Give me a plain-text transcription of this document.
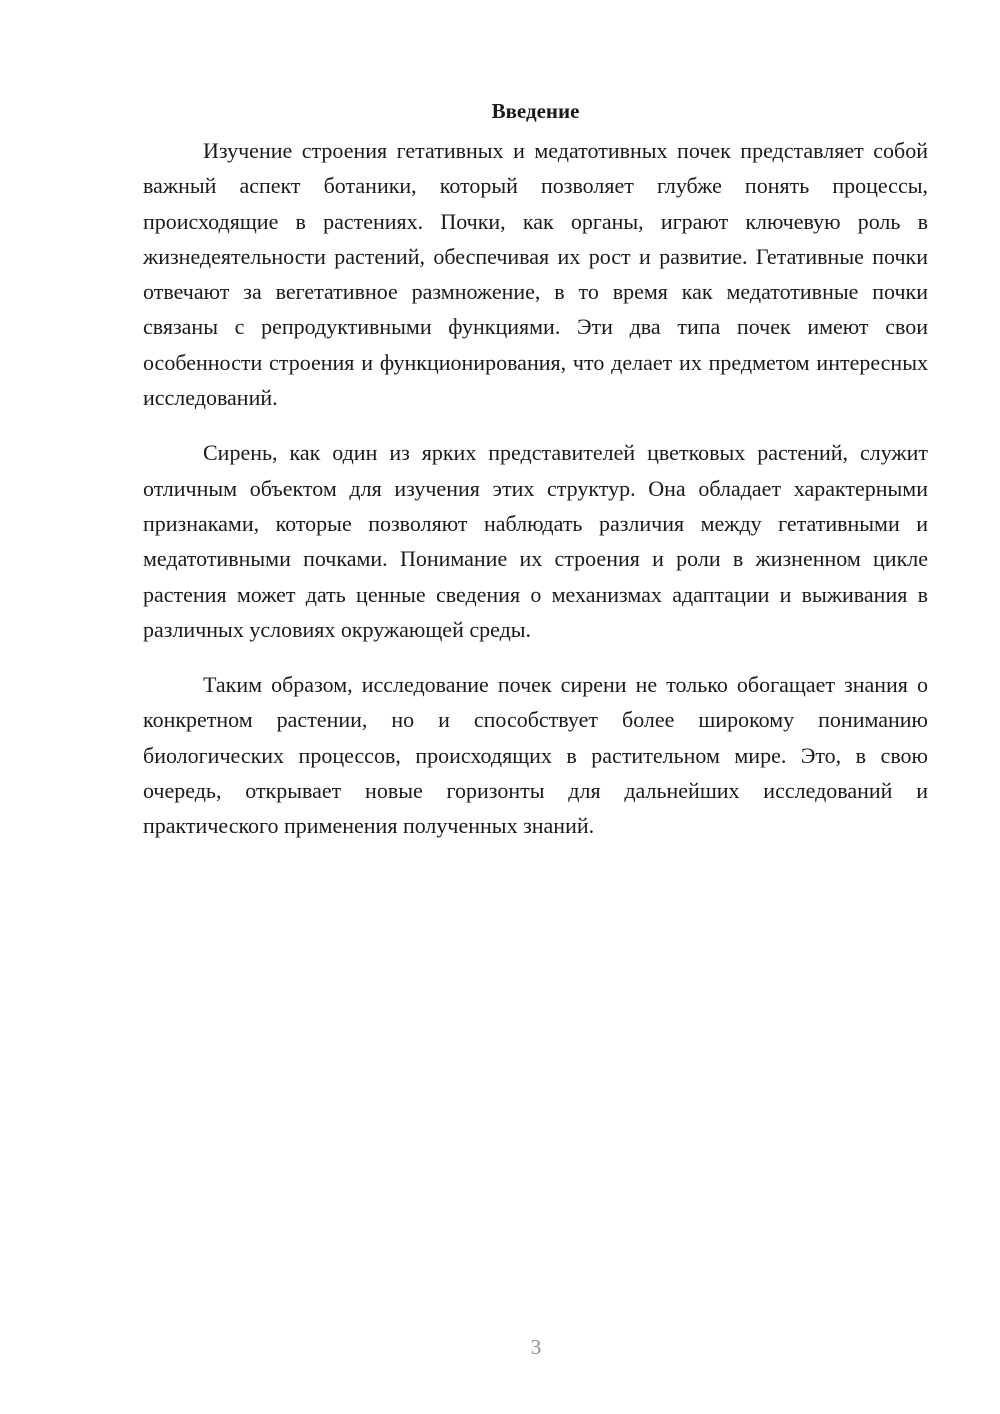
Введение

Изучение строения гетативных и медатотивных почек представляет собой важный аспект ботаники, который позволяет глубже понять процессы, происходящие в растениях. Почки, как органы, играют ключевую роль в жизнедеятельности растений, обеспечивая их рост и развитие. Гетативные почки отвечают за вегетативное размножение, в то время как медатотивные почки связаны с репродуктивными функциями. Эти два типа почек имеют свои особенности строения и функционирования, что делает их предметом интересных исследований.

Сирень, как один из ярких представителей цветковых растений, служит отличным объектом для изучения этих структур. Она обладает характерными признаками, которые позволяют наблюдать различия между гетативными и медатотивными почками. Понимание их строения и роли в жизненном цикле растения может дать ценные сведения о механизмах адаптации и выживания в различных условиях окружающей среды.

Таким образом, исследование почек сирени не только обогащает знания о конкретном растении, но и способствует более широкому пониманию биологических процессов, происходящих в растительном мире. Это, в свою очередь, открывает новые горизонты для дальнейших исследований и практического применения полученных знаний.

3
